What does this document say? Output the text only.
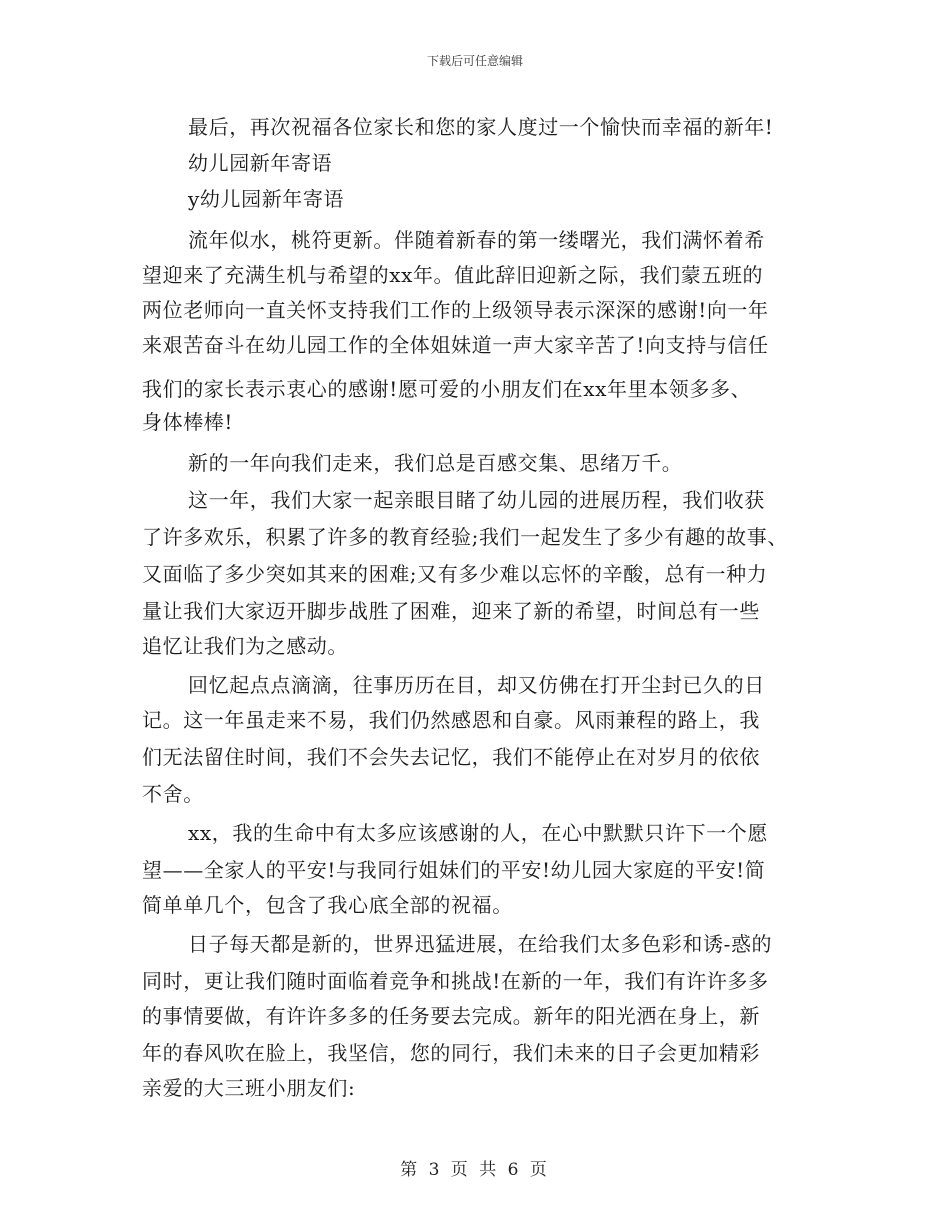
下载后可任意编辑
最后，再次祝福各位家长和您的家人度过一个愉快而幸福的新年!
幼儿园新年寄语
y幼儿园新年寄语
流年似水，桃符更新。伴随着新春的第一缕曙光，我们满怀着希
望迎来了充满生机与希望的xx年。值此辞旧迎新之际，我们蒙五班的
两位老师向一直关怀支持我们工作的上级领导表示深深的感谢!向一年
来艰苦奋斗在幼儿园工作的全体姐妹道一声大家辛苦了!向支持与信任
我们的家长表示衷心的感谢!愿可爱的小朋友们在xx年里本领多多、
身体棒棒!
新的一年向我们走来，我们总是百感交集、思绪万千。
这一年，我们大家一起亲眼目睹了幼儿园的进展历程，我们收获
了许多欢乐，积累了许多的教育经验;我们一起发生了多少有趣的故事、
又面临了多少突如其来的困难;又有多少难以忘怀的辛酸，总有一种力
量让我们大家迈开脚步战胜了困难，迎来了新的希望，时间总有一些
追忆让我们为之感动。
回忆起点点滴滴，往事历历在目，却又仿佛在打开尘封已久的日
记。这一年虽走来不易，我们仍然感恩和自豪。风雨兼程的路上，我
们无法留住时间，我们不会失去记忆，我们不能停止在对岁月的依依
不舍。
xx，我的生命中有太多应该感谢的人，在心中默默只许下一个愿
望——全家人的平安!与我同行姐妹们的平安!幼儿园大家庭的平安!简
简单单几个，包含了我心底全部的祝福。
日子每天都是新的，世界迅猛进展，在给我们太多色彩和诱-惑的
同时，更让我们随时面临着竞争和挑战!在新的一年，我们有许许多多
的事情要做，有许许多多的任务要去完成。新年的阳光洒在身上，新
年的春风吹在脸上，我坚信，您的同行，我们未来的日子会更加精彩
亲爱的大三班小朋友们:
第 3 页 共 6 页
